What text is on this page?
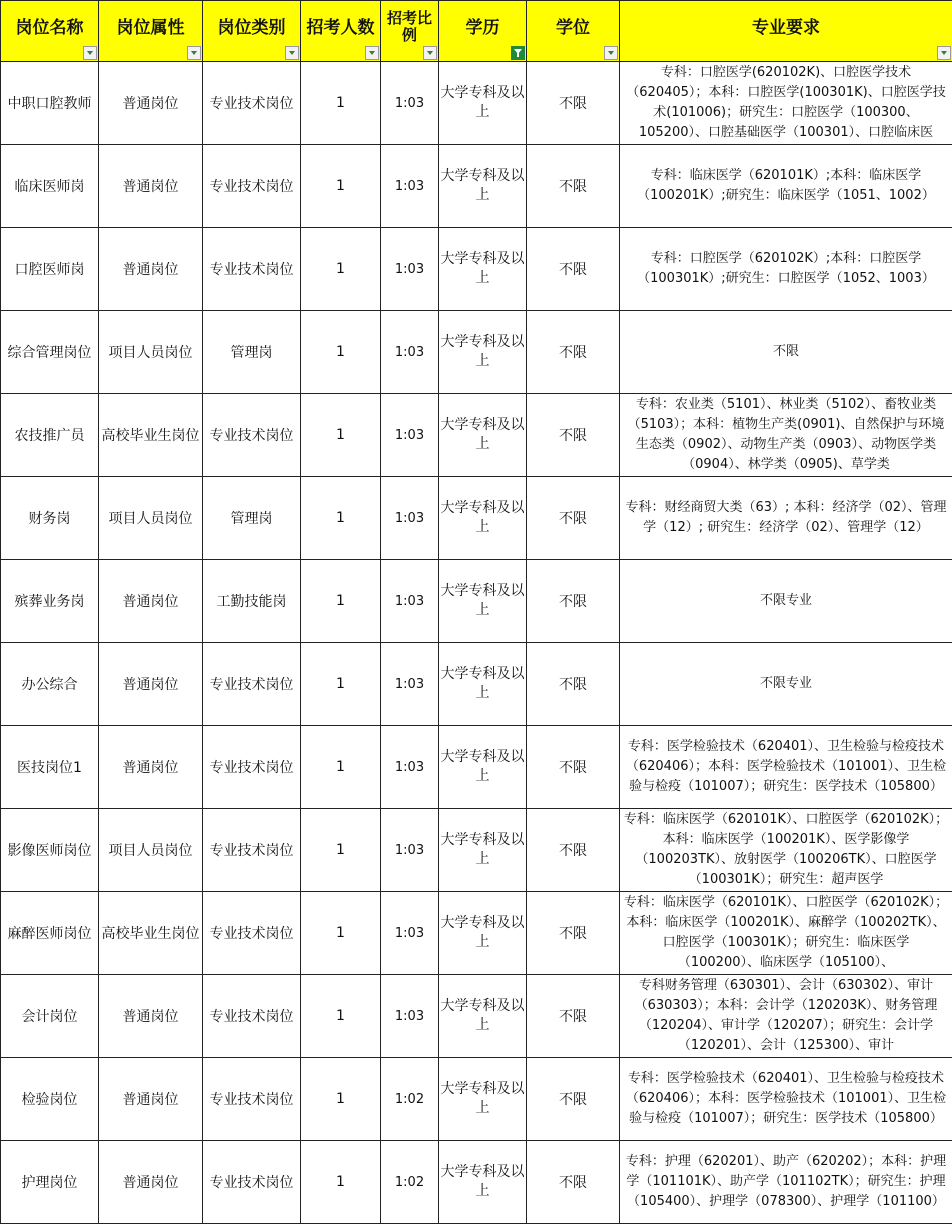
岗位名称	岗位属性	岗位类别	招考人数	招考比例	学历	学位	专业要求

中职口腔教师	普通岗位	专业技术岗位	1	1:03	大学专科及以上	不限	专科：口腔医学(620102K)、口腔医学技术（620405）；本科：口腔医学(100301K)、口腔医学技术(101006)；研究生：口腔医学（100300、105200）、口腔基础医学（100301）、口腔临床医

临床医师岗	普通岗位	专业技术岗位	1	1:03	大学专科及以上	不限	专科：临床医学（620101K）;本科：临床医学（100201K）;研究生：临床医学（1051、1002）

口腔医师岗	普通岗位	专业技术岗位	1	1:03	大学专科及以上	不限	专科：口腔医学（620102K）;本科：口腔医学（100301K）;研究生：口腔医学（1052、1003）

综合管理岗位	项目人员岗位	管理岗	1	1:03	大学专科及以上	不限	不限

农技推广员	高校毕业生岗位	专业技术岗位	1	1:03	大学专科及以上	不限	专科：农业类（5101）、林业类（5102）、畜牧业类（5103）；本科：植物生产类(0901)、自然保护与环境生态类（0902）、动物生产类（0903）、动物医学类（0904）、林学类（0905)、草学类

财务岗	项目人员岗位	管理岗	1	1:03	大学专科及以上	不限	专科：财经商贸大类（63）; 本科：经济学（02）、管理学（12）; 研究生：经济学（02）、管理学（12）

殡葬业务岗	普通岗位	工勤技能岗	1	1:03	大学专科及以上	不限	不限专业

办公综合	普通岗位	专业技术岗位	1	1:03	大学专科及以上	不限	不限专业

医技岗位1	普通岗位	专业技术岗位	1	1:03	大学专科及以上	不限	专科：医学检验技术（620401）、卫生检验与检疫技术（620406）；本科：医学检验技术（101001）、卫生检验与检疫（101007）；研究生：医学技术（105800）

影像医师岗位	项目人员岗位	专业技术岗位	1	1:03	大学专科及以上	不限	专科：临床医学（620101K）、口腔医学（620102K）；本科：临床医学（100201K）、医学影像学（100203TK）、放射医学（100206TK）、口腔医学（100301K）；研究生：超声医学

麻醉医师岗位	高校毕业生岗位	专业技术岗位	1	1:03	大学专科及以上	不限	专科：临床医学（620101K）、口腔医学（620102K）；本科：临床医学（100201K）、麻醉学（100202TK）、口腔医学（100301K）；研究生：临床医学（100200）、临床医学（105100）、

会计岗位	普通岗位	专业技术岗位	1	1:03	大学专科及以上	不限	专科财务管理（630301）、会计（630302）、审计（630303）；本科：会计学（120203K）、财务管理（120204）、审计学（120207）；研究生：会计学（120201）、会计（125300）、审计

检验岗位	普通岗位	专业技术岗位	1	1:02	大学专科及以上	不限	专科：医学检验技术（620401）、卫生检验与检疫技术（620406）；本科：医学检验技术（101001）、卫生检验与检疫（101007）；研究生：医学技术（105800）

护理岗位	普通岗位	专业技术岗位	1	1:02	大学专科及以上	不限	专科：护理（620201）、助产（620202）；本科：护理学（101101K）、助产学（101102TK）；研究生：护理（105400）、护理学（078300）、护理学（101100）
